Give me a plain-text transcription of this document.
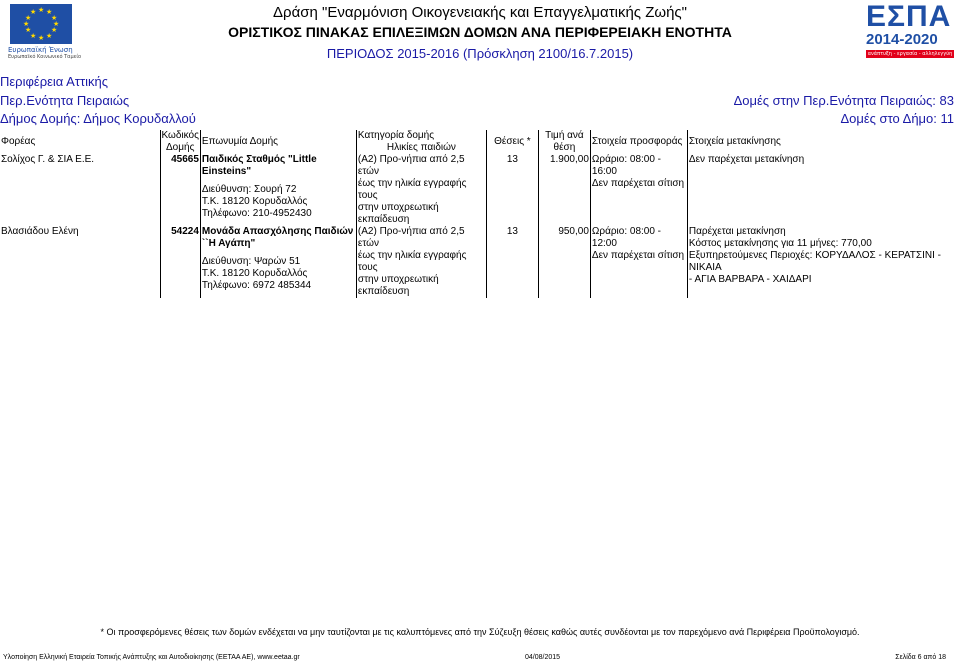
★ ★
★
★
★
★
★
★
★
★
★
★
Ευρωπαϊκή Ένωση
Ευρωπαϊκό Κοινωνικό Ταμείο
ΕΣΠΑ
2014-2020
ανάπτυξη - εργασία - αλληλεγγύη
Δράση "Εναρμόνιση Οικογενειακής και Επαγγελματικής Ζωής"
ΟΡΙΣΤΙΚΟΣ ΠΙΝΑΚΑΣ ΕΠΙΛΕΞΙΜΩΝ ΔΟΜΩΝ ΑΝΑ ΠΕΡΙΦΕΡΕΙΑΚΗ ΕΝΟΤΗΤΑ
ΠΕΡΙΟΔΟΣ 2015-2016 (Πρόσκληση 2100/16.7.2015)
Περιφέρεια Αττικής
Περ.Ενότητα Πειραιώς	Δομές στην Περ.Ενότητα Πειραιώς: 83
Δήμος Δομής: Δήμος Κορυδαλλού	Δομές στο Δήμο: 11
Φορέας	Κωδικός Δομής	Επωνυμία Δομής	Κατηγορία δομής
Ηλικίες παιδιών	Θέσεις *	Τιμή ανά θέση	Στοιχεία προσφοράς	Στοιχεία μετακίνησης
Σολίχος Γ. & ΣΙΑ Ε.Ε.	45665	Παιδικός Σταθμός "Little Einsteins"
Διεύθυνση: Σουρή 72
Τ.Κ. 18120 Κορυδαλλός
Τηλέφωνο: 210-4952430	(Α2) Προ-νήπια από 2,5 ετών
έως την ηλικία εγγραφής τους
στην υποχρεωτική εκπαίδευση	13	1.900,00	Ωράριο: 08:00 - 16:00
Δεν παρέχεται σίτιση	Δεν παρέχεται μετακίνηση

Βλασιάδου Ελένη	54224	Μονάδα Απασχόλησης Παιδιών ``Η Αγάπη"
Διεύθυνση: Ψαρών 51
Τ.Κ. 18120 Κορυδαλλός
Τηλέφωνο: 6972 485344	(Α2) Προ-νήπια από 2,5 ετών
έως την ηλικία εγγραφής τους
στην υποχρεωτική εκπαίδευση	13	950,00	Ωράριο: 08:00 - 12:00
Δεν παρέχεται σίτιση	Παρέχεται μετακίνηση
Κόστος μετακίνησης για 11 μήνες: 770,00
Εξυπηρετούμενες Περιοχές: ΚΟΡΥΔΑΛΟΣ - ΚΕΡΑΤΣΙΝΙ - ΝΙΚΑΙΑ
- ΑΓΙΑ ΒΑΡΒΑΡΑ - ΧΑΙΔΑΡΙ
* Οι προσφερόμενες θέσεις των δομών ενδέχεται να μην ταυτίζονται με τις καλυπτόμενες από την Σύζευξη θέσεις καθώς αυτές συνδέονται με τον παρεχόμενο ανά Περιφέρεια Προϋπολογισμό.
Υλοποίηση Ελληνική Εταιρεία Τοπικής Ανάπτυξης και Αυτοδιοίκησης (ΕΕΤΑΑ ΑΕ), www.eetaa.gr	04/08/2015	Σελίδα 6 από 18
